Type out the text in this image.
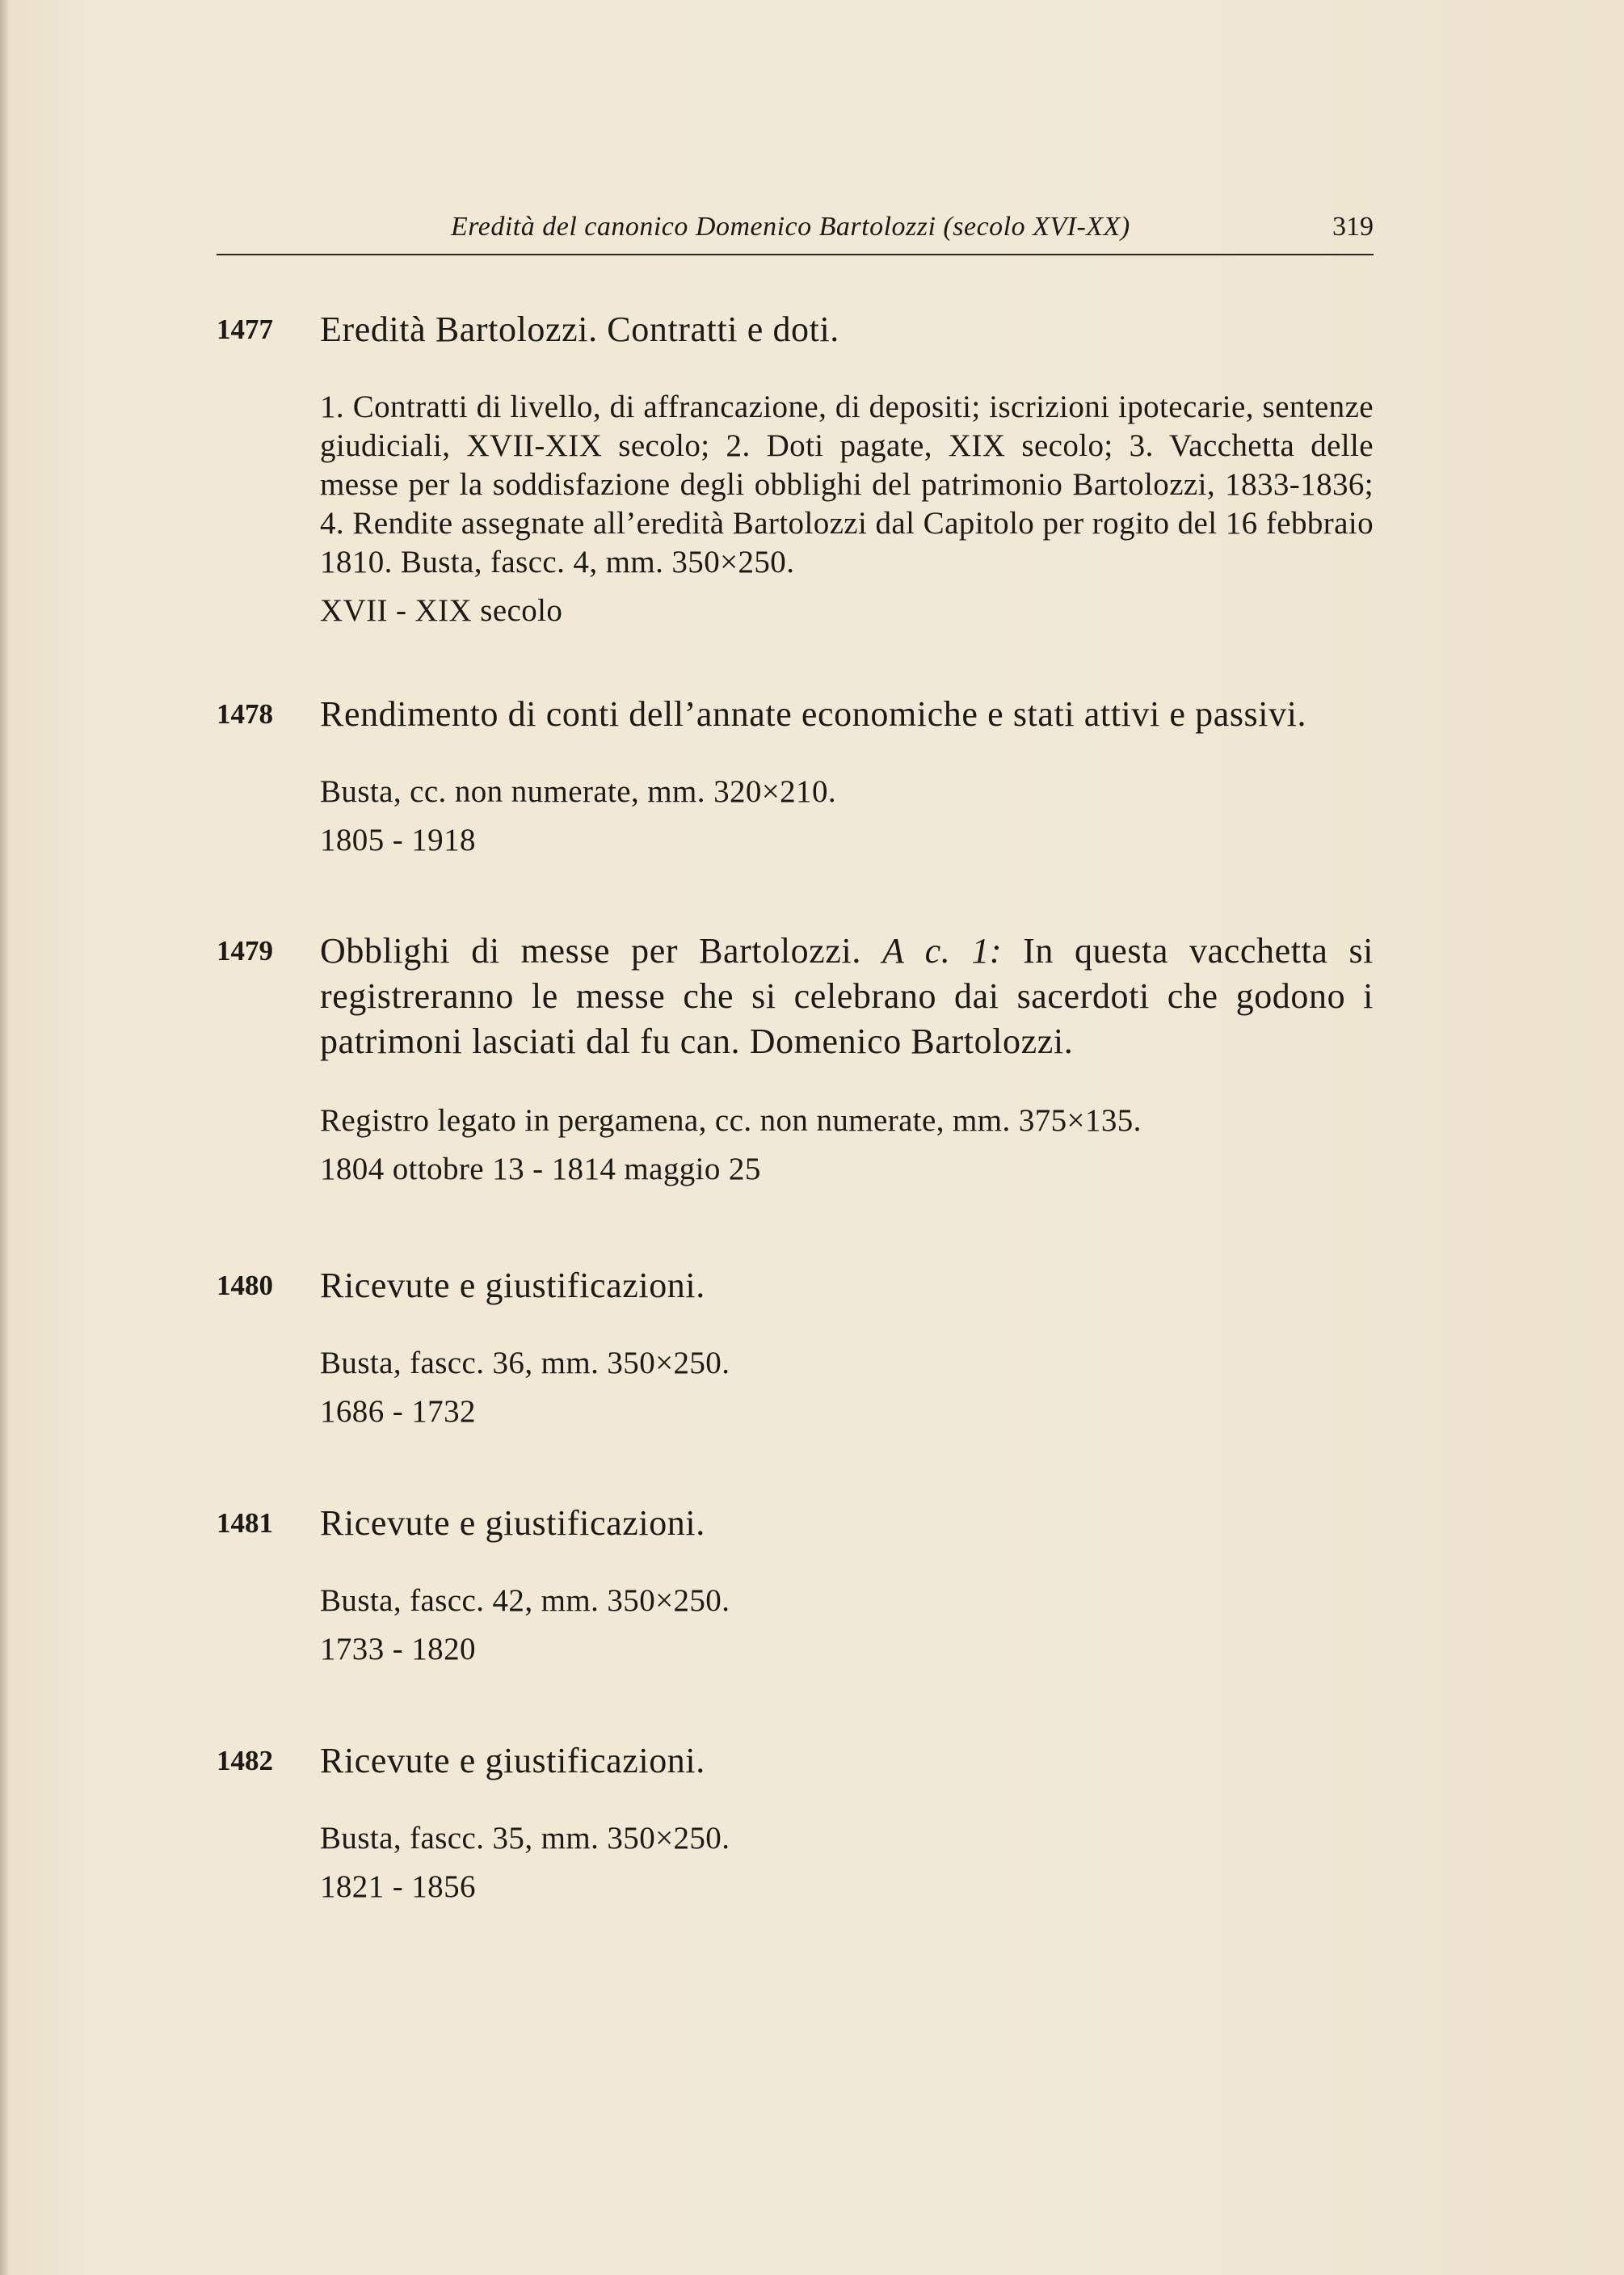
Eredità del canonico Domenico Bartolozzi (secolo XVI-XX)	319
1477 Eredità Bartolozzi. Contratti e doti.
1. Contratti di livello, di affrancazione, di depositi; iscrizioni ipotecarie, sentenze giudiciali, XVII-XIX secolo; 2. Doti pagate, XIX secolo; 3. Vacchetta delle messe per la soddisfazione degli obblighi del patrimonio Bartolozzi, 1833-1836; 4. Rendite assegnate all’eredità Bartolozzi dal Capitolo per rogito del 16 febbraio 1810. Busta, fascc. 4, mm. 350×250.
XVII - XIX secolo
1478 Rendimento di conti dell’annate economiche e stati attivi e passivi.
Busta, cc. non numerate, mm. 320×210.
1805 - 1918
1479 Obblighi di messe per Bartolozzi. A c. 1: In questa vacchetta si registreranno le messe che si celebrano dai sacerdoti che godono i patrimoni lasciati dal fu can. Domenico Bartolozzi.
Registro legato in pergamena, cc. non numerate, mm. 375×135.
1804 ottobre 13 - 1814 maggio 25
1480 Ricevute e giustificazioni.
Busta, fascc. 36, mm. 350×250.
1686 - 1732
1481 Ricevute e giustificazioni.
Busta, fascc. 42, mm. 350×250.
1733 - 1820
1482 Ricevute e giustificazioni.
Busta, fascc. 35, mm. 350×250.
1821 - 1856
